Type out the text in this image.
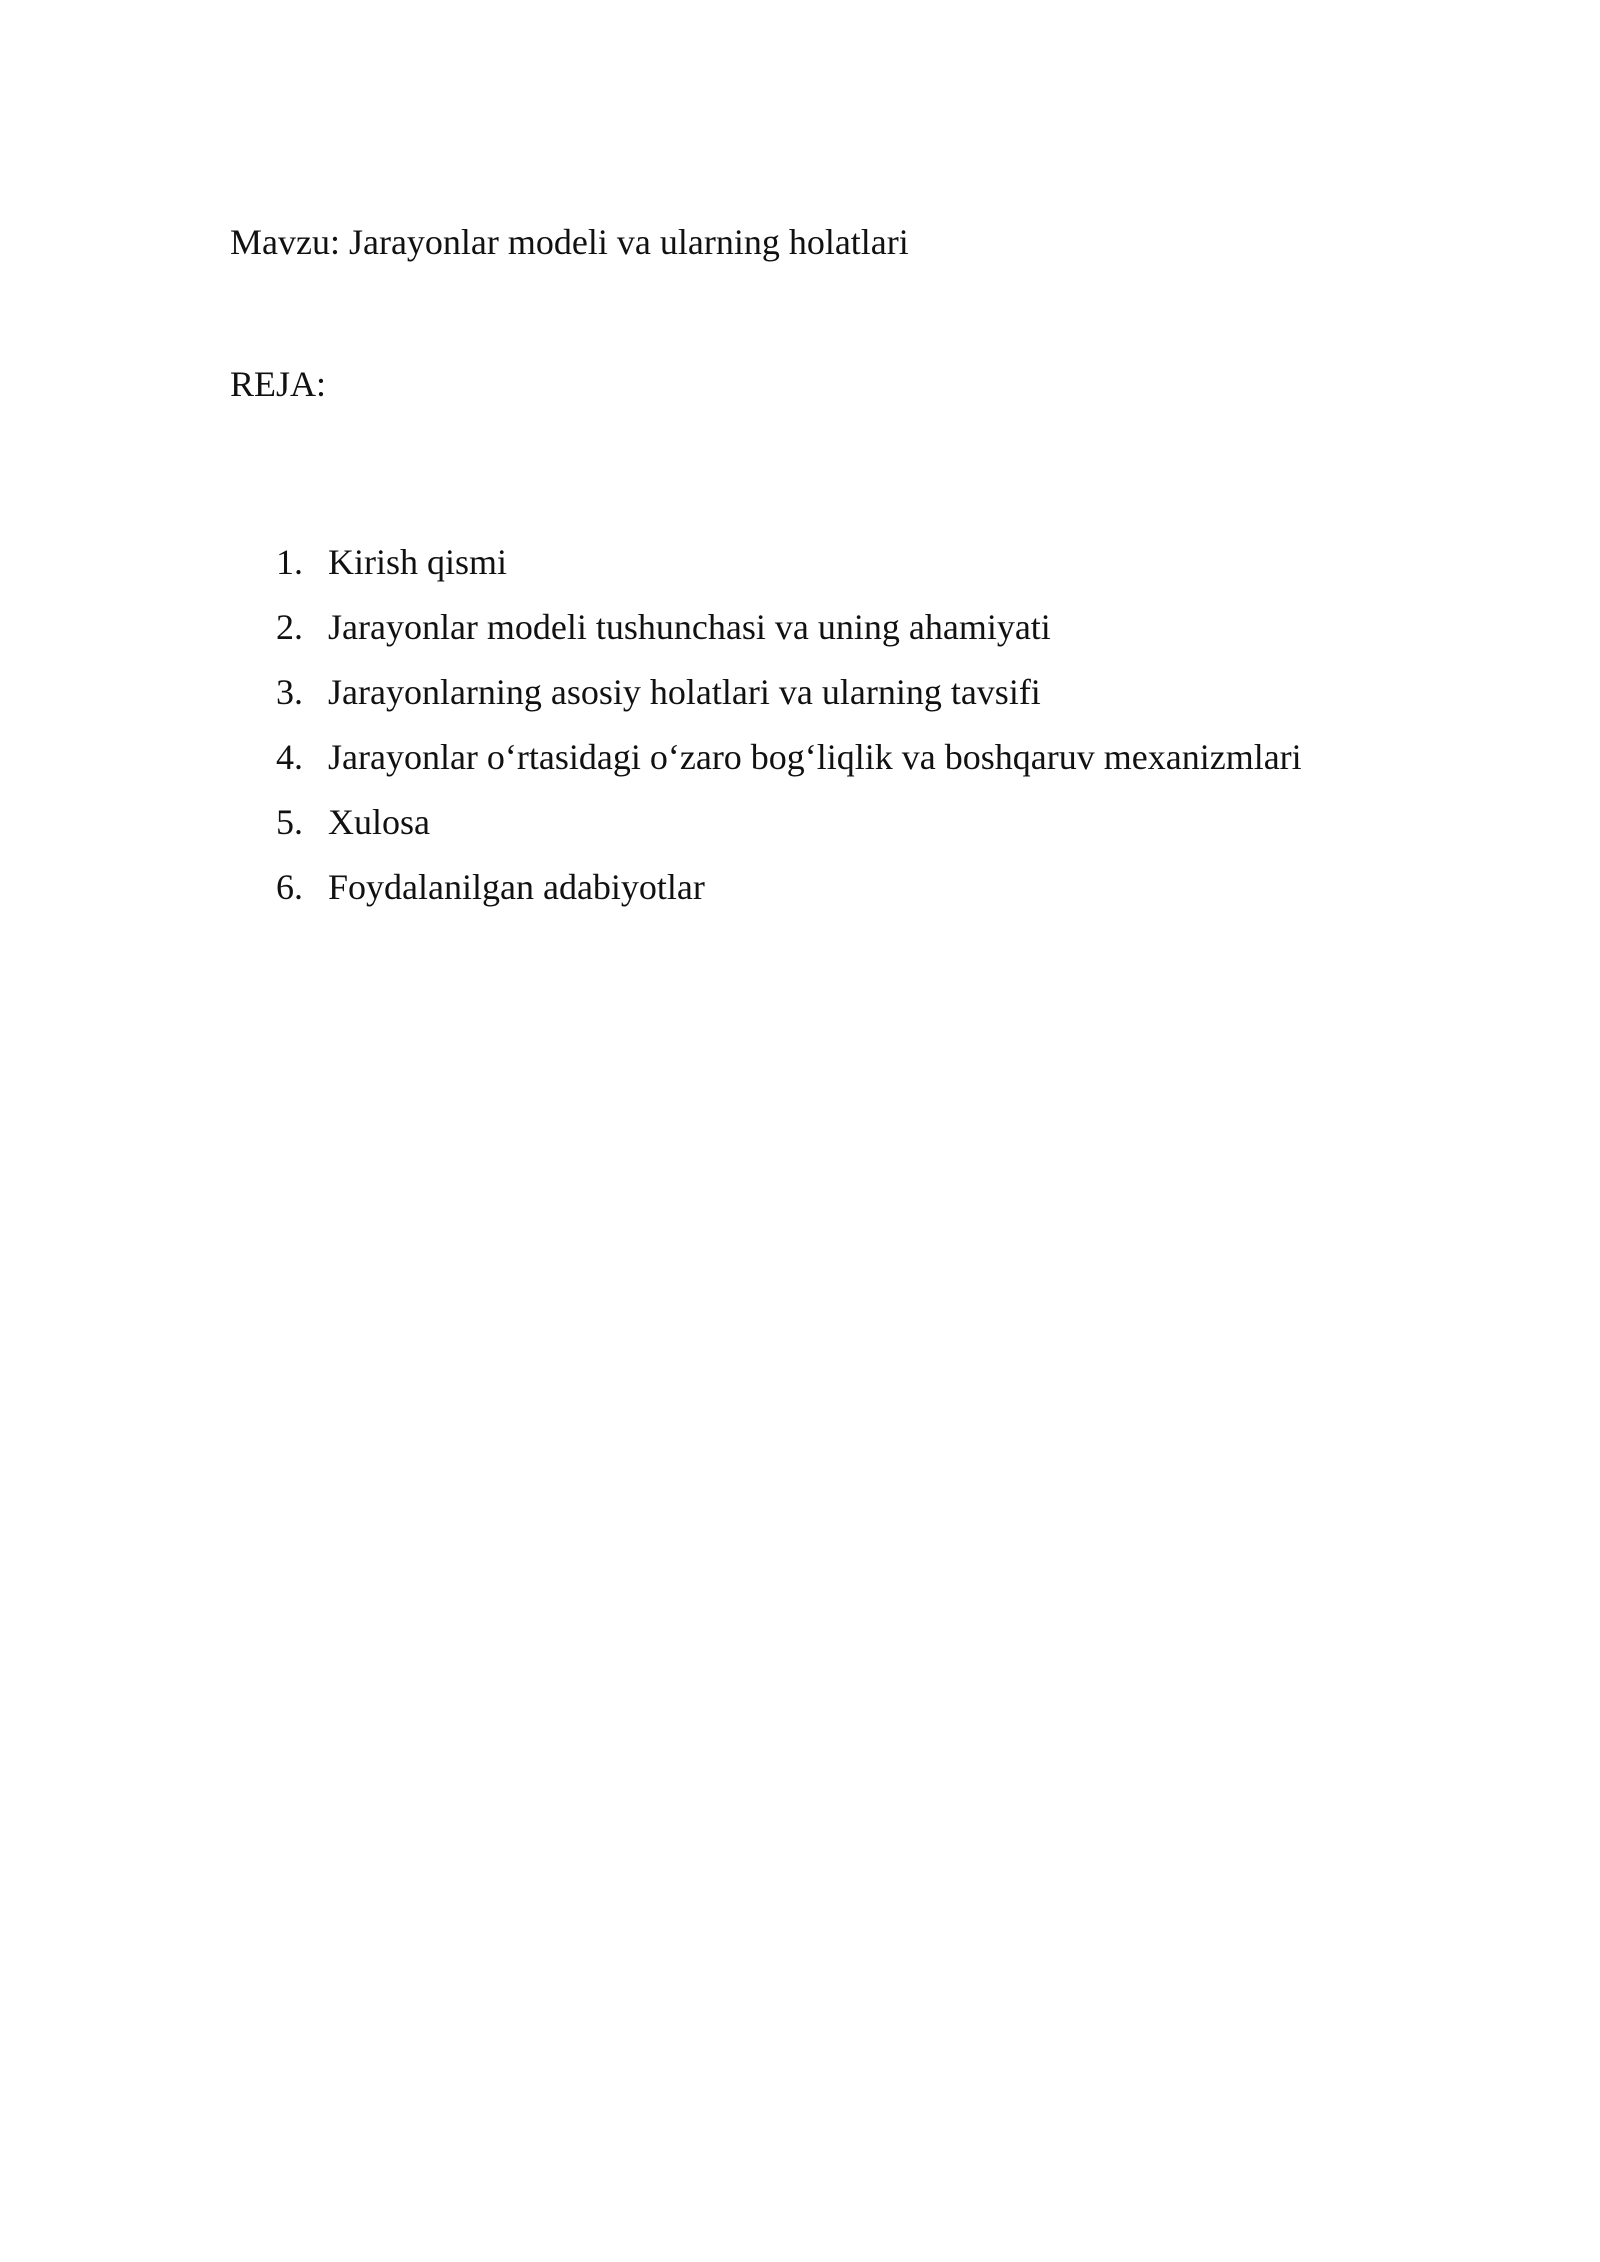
Mavzu: Jarayonlar modeli va ularning holatlari
REJA:
1. Kirish qismi
2. Jarayonlar modeli tushunchasi va uning ahamiyati
3. Jarayonlarning asosiy holatlari va ularning tavsifi
4. Jarayonlar o‘rtasidagi o‘zaro bog‘liqlik va boshqaruv mexanizmlari
5. Xulosa
6. Foydalanilgan adabiyotlar
